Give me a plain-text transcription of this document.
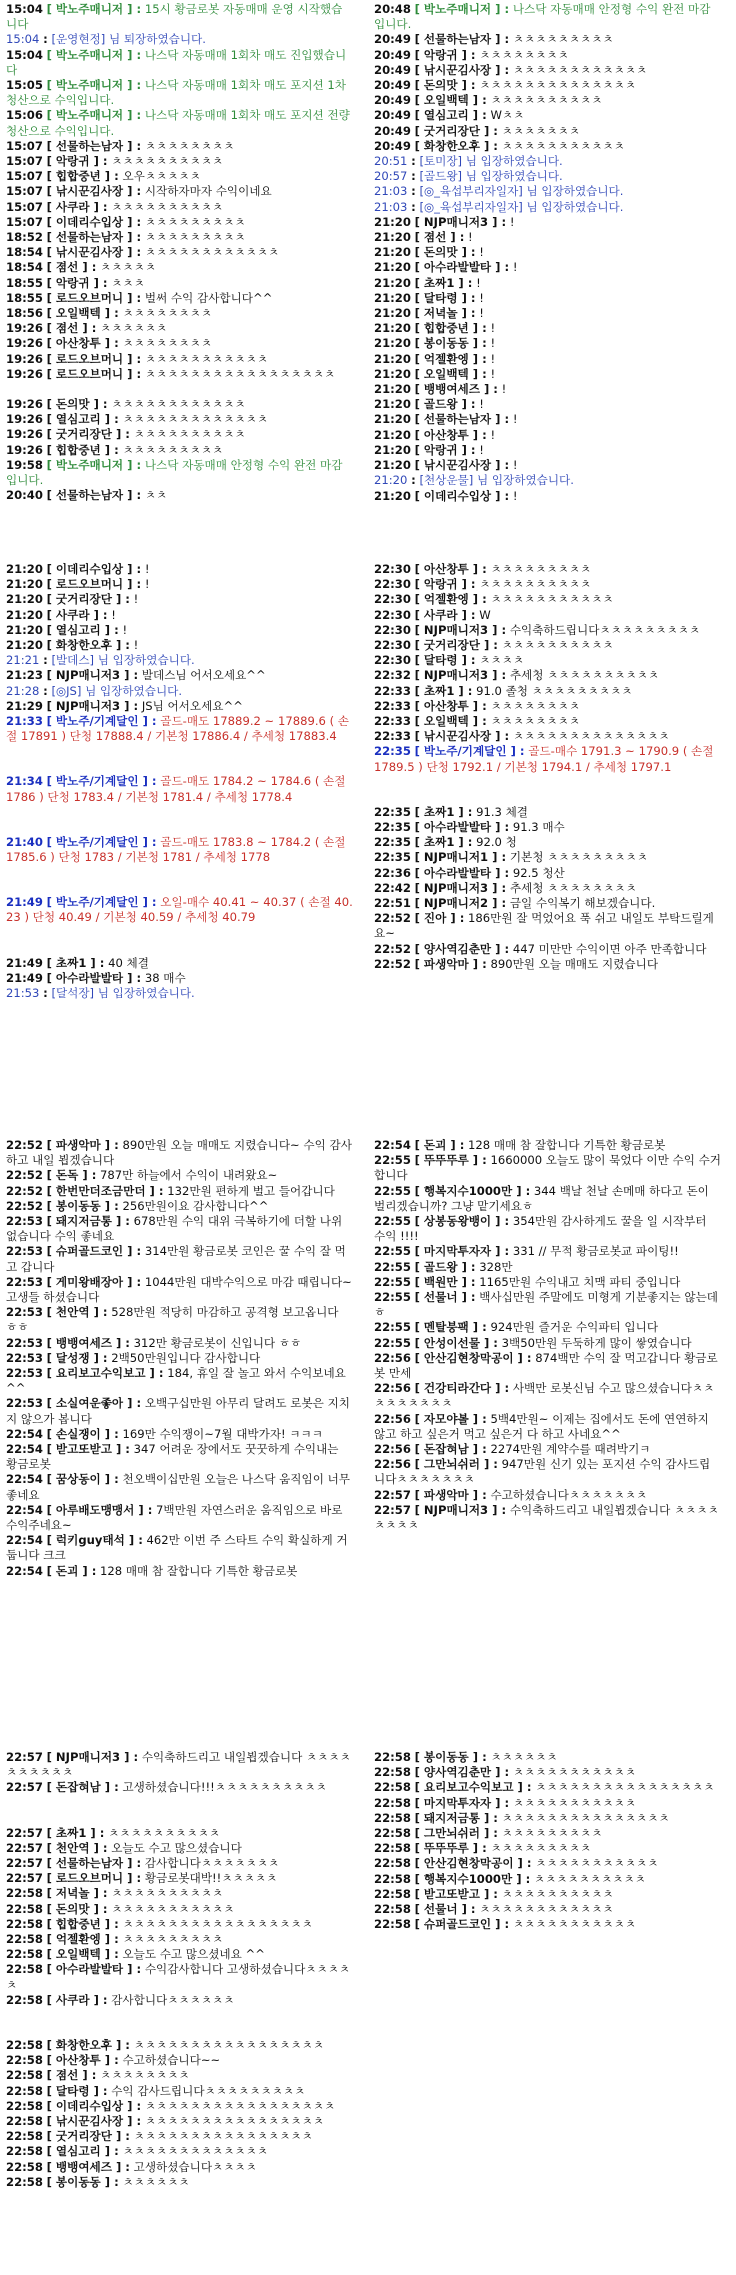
15:04 [ 박노주매니저 ] : 15시 황금로봇 자동매매 운영 시작했습니다
15:04 : [운영현정] 님 퇴장하였습니다.
15:04 [ 박노주매니저 ] : 나스닥 자동매매 1회차 매도 진입했습니다
15:05 [ 박노주매니저 ] : 나스닥 자동매매 1회차 매도 포지션 1차 청산으로 수익입니다.
15:06 [ 박노주매니저 ] : 나스닥 자동매매 1회차 매도 포지션 전량청산으로 수익입니다.
15:07 [ 선물하는남자 ] : ㅊㅊㅊㅊㅊㅊㅊㅊ
15:07 [ 악랑귀 ] : ㅊㅊㅊㅊㅊㅊㅊㅊㅊㅊ
15:07 [ 힙합중년 ] : 오우ㅊㅊㅊㅊㅊ
15:07 [ 낚시꾼김사장 ] : 시작하자마자 수익이네요
15:07 [ 사쿠라 ] : ㅊㅊㅊㅊㅊㅊㅊㅊㅊㅊ
15:07 [ 이데리수입상 ] : ㅊㅊㅊㅊㅊㅊㅊㅊㅊ
18:52 [ 선물하는남자 ] : ㅊㅊㅊㅊㅊㅊㅊㅊㅊ
18:54 [ 낚시꾼김사장 ] : ㅊㅊㅊㅊㅊㅊㅊㅊㅊㅊㅊㅊ
18:54 [ 졈선 ] : ㅊㅊㅊㅊㅊ
18:55 [ 악랑귀 ] : ㅊㅊㅊ
18:55 [ 로드오브머니 ] : 벌써 수익 감사합니다^^
18:56 [ 오일백텍 ] : ㅊㅊㅊㅊㅊㅊㅊㅊ
19:26 [ 졈선 ] : ㅊㅊㅊㅊㅊㅊ
19:26 [ 아산창투 ] : ㅊㅊㅊㅊㅊㅊㅊㅊ
19:26 [ 로드오브머니 ] : ㅊㅊㅊㅊㅊㅊㅊㅊㅊㅊㅊ
19:26 [ 로드오브머니 ] : ㅊㅊㅊㅊㅊㅊㅊㅊㅊㅊㅊㅊㅊㅊㅊㅊㅊ
19:26 [ 돈의맛 ] : ㅊㅊㅊㅊㅊㅊㅊㅊㅊㅊㅊㅊ
19:26 [ 열심고리 ] : ㅊㅊㅊㅊㅊㅊㅊㅊㅊㅊㅊㅊㅊ
19:26 [ 굿거리장단 ] : ㅊㅊㅊㅊㅊㅊㅊㅊㅊㅊ
19:26 [ 힙합중년 ] : ㅊㅊㅊㅊㅊㅊㅊㅊㅊ
19:58 [ 박노주매니저 ] : 나스닥 자동매매 안정형 수익 완전 마감입니다.
20:40 [ 선물하는남자 ] : ㅊㅊ
20:48 [ 박노주매니저 ] : 나스닥 자동매매 안정형 수익 완전 마감입니다.
20:49 [ 선물하는남자 ] : ㅊㅊㅊㅊㅊㅊㅊㅊㅊ
20:49 [ 악랑귀 ] : ㅊㅊㅊㅊㅊㅊㅊㅊ
20:49 [ 낚시꾼김사장 ] : ㅊㅊㅊㅊㅊㅊㅊㅊㅊㅊㅊㅊ
20:49 [ 돈의맛 ] : ㅊㅊㅊㅊㅊㅊㅊㅊㅊㅊㅊㅊㅊㅊ
20:49 [ 오일백텍 ] : ㅊㅊㅊㅊㅊㅊㅊㅊㅊㅊ
20:49 [ 열심고리 ] : Wㅊㅊ
20:49 [ 굿거리장단 ] : ㅊㅊㅊㅊㅊㅊㅊ
20:49 [ 화창한오후 ] : ㅊㅊㅊㅊㅊㅊㅊㅊㅊㅊㅊ
20:51 : [토미장] 님 입장하였습니다.
20:57 : [골드왕] 님 입장하였습니다.
21:03 : [◎_육섭부리자일자] 님 입장하였습니다.
21:03 : [◎_육섭부리자일자] 님 입장하였습니다.
21:20 [ NJP매니저3 ] : !
21:20 [ 졈선 ] : !
21:20 [ 돈의맛 ] : !
21:20 [ 아수라발발타 ] : !
21:20 [ 초짜1 ] : !
21:20 [ 달타령 ] : !
21:20 [ 저녁놀 ] : !
21:20 [ 힙합중년 ] : !
21:20 [ 봉이동동 ] : !
21:20 [ 억젤환엥 ] : !
21:20 [ 오일백텍 ] : !
21:20 [ 뱅뱅여세즈 ] : !
21:20 [ 골드왕 ] : !
21:20 [ 선물하는남자 ] : !
21:20 [ 아산창투 ] : !
21:20 [ 악랑귀 ] : !
21:20 [ 낚시꾼김사장 ] : !
21:20 : [천상운물] 님 입장하였습니다.
21:20 [ 이데리수입상 ] : !
21:20 [ 이데리수입상 ] : !
21:20 [ 로드오브머니 ] : !
21:20 [ 굿거리장단 ] : !
21:20 [ 사쿠라 ] : !
21:20 [ 열심고리 ] : !
21:20 [ 화창한오후 ] : !
21:21 : [발데스] 님 입장하였습니다.
21:23 [ NJP매니저3 ] : 발데스님 어서오세요^^
21:28 : [◎JS] 님 입장하였습니다.
21:29 [ NJP매니저3 ] : JS님 어서오세요^^
21:33 [ 박노주/기계달인 ] : 골드-매도 17889.2 ~ 17889.6 ( 손절 17891 ) 단청 17888.4 / 기본청 17886.4 / 추세청 17883.4
21:34 [ 박노주/기계달인 ] : 골드-매도 1784.2 ~ 1784.6 ( 손절 1786 ) 단청 1783.4 / 기본청 1781.4 / 추세청 1778.4
21:40 [ 박노주/기계달인 ] : 골드-매도 1783.8 ~ 1784.2 ( 손절 1785.6 ) 단청 1783 / 기본청 1781 / 추세청 1778
21:49 [ 박노주/기계달인 ] : 오일-매수 40.41 ~ 40.37 ( 손절 40.23 ) 단청 40.49 / 기본청 40.59 / 추세청 40.79
21:49 [ 초짜1 ] : 40 체결
21:49 [ 아수라발발타 ] : 38 매수
21:53 : [달석장] 님 입장하였습니다.
22:30 [ 아산창투 ] : ㅊㅊㅊㅊㅊㅊㅊㅊㅊ
22:30 [ 악랑귀 ] : ㅊㅊㅊㅊㅊㅊㅊㅊㅊㅊ
22:30 [ 억젤환엥 ] : ㅊㅊㅊㅊㅊㅊㅊㅊㅊㅊㅊ
22:30 [ 사쿠라 ] : W
22:30 [ NJP매니저3 ] : 수익축하드립니다ㅊㅊㅊㅊㅊㅊㅊㅊㅊ
22:30 [ 굿거리장단 ] : ㅊㅊㅊㅊㅊㅊㅊㅊㅊㅊ
22:30 [ 달타령 ] : ㅊㅊㅊㅊ
22:32 [ NJP매니저3 ] : 추세청 ㅊㅊㅊㅊㅊㅊㅊㅊㅊㅊ
22:33 [ 초짜1 ] : 91.0 졸청 ㅊㅊㅊㅊㅊㅊㅊㅊㅊ
22:33 [ 아산창투 ] : ㅊㅊㅊㅊㅊㅊㅊㅊ
22:33 [ 오일백텍 ] : ㅊㅊㅊㅊㅊㅊㅊㅊ
22:33 [ 낚시꾼김사장 ] : ㅊㅊㅊㅊㅊㅊㅊㅊㅊㅊㅊㅊㅊㅊ
22:35 [ 박노주/기계달인 ] : 골드-매수 1791.3 ~ 1790.9 ( 손절 1789.5 ) 단청 1792.1 / 기본청 1794.1 / 추세청 1797.1
22:35 [ 초짜1 ] : 91.3 체결
22:35 [ 아수라발발타 ] : 91.3 매수
22:35 [ 초짜1 ] : 92.0 청
22:35 [ NJP매니저1 ] : 기본청 ㅊㅊㅊㅊㅊㅊㅊㅊㅊ
22:36 [ 아수라발발타 ] : 92.5 청산
22:42 [ NJP매니저3 ] : 추세청 ㅊㅊㅊㅊㅊㅊㅊㅊ
22:51 [ NJP매니저2 ] : 금일 수익복기 해보겠습니다.
22:52 [ 진아 ] : 186만원 잘 먹었어요 푹 쉬고 내일도 부탁드릴게요~
22:52 [ 양사역김춘만 ] : 447 미만만 수익이면 아주 만족합니다
22:52 [ 파생악마 ] : 890만원 오늘 매매도 지렸습니다
22:52 [ 파생악마 ] : 890만원 오늘 매매도 지렸습니다~ 수익 감사하고 내일 뵙겠습니다
22:52 [ 돈독 ] : 787만 하늘에서 수익이 내려왔요~
22:52 [ 한번만더조금만더 ] : 132만원 편하게 벌고 들어갑니다
22:52 [ 봉이동동 ] : 256만원이요 감사합니다^^
22:53 [ 돼지저금통 ] : 678만원 수익 대위 극복하기에 더할 나위 없습니다 수익 좋네요
22:53 [ 슈퍼골드코인 ] : 314만원 황금로봇 코인은 꿀 수익 잘 먹고 갑니다
22:53 [ 게미왕배장아 ] : 1044만원 대박수익으로 마감 때립니다~고생들 하셨습니다
22:53 [ 천안역 ] : 528만원 적당히 마감하고 공격형 보고옵니다 ㅎㅎ
22:53 [ 뱅뱅여세즈 ] : 312만 황금로봇이 신입니다 ㅎㅎ
22:53 [ 달성쟁 ] : 2백50만원입니다 감사합니다
22:53 [ 요리보고수익보고 ] : 184, 휴일 잘 놀고 와서 수익보네요^^
22:53 [ 소실여운좋아 ] : 오백구십만원 아무리 달려도 로봇은 지치지 않으가 봅니다
22:54 [ 손실쟁이 ] : 169만 수익쟁이~7월 대박가자! ㅋㅋㅋ
22:54 [ 받고또받고 ] : 347 어려운 장에서도 꿋꿋하게 수익내는 황금로봇
22:54 [ 꿈상동이 ] : 천오백이십만원 오늘은 나스닥 움직임이 너무 좋네요
22:54 [ 아루배도맹맹서 ] : 7백만원 자연스러운 움직임으로 바로 수익주네요~
22:54 [ 럭키guy태석 ] : 462만 이번 주 스타트 수익 확실하게 거둡니다 크크
22:54 [ 돈괴 ] : 128 매매 참 잘합니다 기특한 황금로봇
22:54 [ 돈괴 ] : 128 매매 참 잘합니다 기특한 황금로봇
22:55 [ 뚜뚜뚜루 ] : 1660000 오늘도 많이 묵었다 이만 수익 수거합니다
22:55 [ 행복지수1000만 ] : 344 백날 천날 손메매 하다고 돈이 벌리겠습니까? 그냥 맡기세요ㅎ
22:55 [ 상봉동왕뱅이 ] : 354만원 감사하게도 꿀을 일 시작부터 수익 !!!!
22:55 [ 마지막투자자 ] : 331 // 무적 황금로봇교 파이팅!!
22:55 [ 골드왕 ] : 328만
22:55 [ 백원만 ] : 1165만원 수익내고 치맥 파티 중입니다
22:55 [ 선물너 ] : 백사십만원 주말에도 미형게 기분좋지는 않는데ㅎ
22:55 [ 멘탈붕팩 ] : 924만원 즐거운 수익파티 입니다
22:55 [ 안성이선물 ] : 3백50만원 두둑하게 많이 쌓였습니다
22:56 [ 안산김현창막공이 ] : 874백만 수익 잘 먹고갑니다 황금로봇 만세
22:56 [ 건강티라간다 ] : 사백만 로봇신님 수고 많으셨습니다ㅊㅊㅊㅊㅊㅊㅊㅊㅊ
22:56 [ 자모야볼 ] : 5백4만원~ 이제는 집에서도 돈에 연연하지 않고 하고 싶은거 먹고 싶은거 다 하고 사네요^^
22:56 [ 돈잡혀남 ] : 2274만원 계약수를 때려박기ㅋ
22:56 [ 그만뇌쉬러 ] : 947만원 신기 있는 포지션 수익 감사드립니다ㅊㅊㅊㅊㅊㅊㅊ
22:57 [ 파생악마 ] : 수고하셨습니다ㅊㅊㅊㅊㅊㅊㅊ
22:57 [ NJP매니저3 ] : 수익축하드리고 내일뵙겠습니다 ㅊㅊㅊㅊㅊㅊㅊㅊ
22:57 [ NJP매니저3 ] : 수익축하드리고 내일뵙겠습니다 ㅊㅊㅊㅊㅊㅊㅊㅊㅊㅊ
22:57 [ 돈잡혀남 ] : 고생하셨습니다!!!ㅊㅊㅊㅊㅊㅊㅊㅊㅊㅊ
22:57 [ 초짜1 ] : ㅊㅊㅊㅊㅊㅊㅊㅊㅊㅊ
22:57 [ 천안역 ] : 오늘도 수고 많으셨습니다
22:57 [ 선물하는남자 ] : 감사합니다ㅊㅊㅊㅊㅊㅊㅊ
22:57 [ 로드오브머니 ] : 황금로봇대박!!ㅊㅊㅊㅊㅊ
22:58 [ 저녁놀 ] : ㅊㅊㅊㅊㅊㅊㅊㅊㅊㅊ
22:58 [ 돈의맛 ] : ㅊㅊㅊㅊㅊㅊㅊㅊㅊㅊㅊ
22:58 [ 힙합중년 ] : ㅊㅊㅊㅊㅊㅊㅊㅊㅊㅊㅊㅊㅊㅊㅊㅊㅊ
22:58 [ 억젤환엥 ] : ㅊㅊㅊㅊㅊㅊㅊㅊㅊ
22:58 [ 오일백텍 ] : 오늘도 수고 많으셨네요 ^^
22:58 [ 아수라발발타 ] : 수익감사합니다 고생하셨습니다ㅊㅊㅊㅊㅊ
22:58 [ 사쿠라 ] : 감사합니다ㅊㅊㅊㅊㅊㅊ
22:58 [ 화창한오후 ] : ㅊㅊㅊㅊㅊㅊㅊㅊㅊㅊㅊㅊㅊㅊㅊㅊㅊ
22:58 [ 아산창투 ] : 수고하셨습니다~~
22:58 [ 졈선 ] : ㅊㅊㅊㅊㅊㅊㅊㅊ
22:58 [ 달타령 ] : 수익 감사드립니다ㅊㅊㅊㅊㅊㅊㅊㅊㅊ
22:58 [ 이데리수입상 ] : ㅊㅊㅊㅊㅊㅊㅊㅊㅊㅊㅊㅊㅊㅊㅊㅊㅊ
22:58 [ 낚시꾼김사장 ] : ㅊㅊㅊㅊㅊㅊㅊㅊㅊㅊㅊㅊㅊㅊㅊㅊ
22:58 [ 굿거리장단 ] : ㅊㅊㅊㅊㅊㅊㅊㅊㅊㅊㅊㅊㅊㅊㅊㅊ
22:58 [ 열심고리 ] : ㅊㅊㅊㅊㅊㅊㅊㅊㅊㅊㅊㅊㅊ
22:58 [ 뱅뱅여세즈 ] : 고생하셨습니다ㅊㅊㅊㅊ
22:58 [ 봉이동동 ] : ㅊㅊㅊㅊㅊㅊ
22:58 [ 봉이동동 ] : ㅊㅊㅊㅊㅊㅊ
22:58 [ 양사역김춘만 ] : ㅊㅊㅊㅊㅊㅊㅊㅊㅊㅊㅊ
22:58 [ 요리보고수익보고 ] : ㅊㅊㅊㅊㅊㅊㅊㅊㅊㅊㅊㅊㅊㅊㅊㅊ
22:58 [ 마지막투자자 ] : ㅊㅊㅊㅊㅊㅊㅊㅊㅊㅊㅊ
22:58 [ 돼지저금통 ] : ㅊㅊㅊㅊㅊㅊㅊㅊㅊㅊㅊㅊㅊㅊㅊ
22:58 [ 그만뇌쉬러 ] : ㅊㅊㅊㅊㅊㅊㅊㅊㅊ
22:58 [ 뚜뚜뚜루 ] : ㅊㅊㅊㅊㅊㅊㅊㅊㅊ
22:58 [ 안산김현창막공이 ] : ㅊㅊㅊㅊㅊㅊㅊㅊㅊㅊㅊ
22:58 [ 행복지수1000만 ] : ㅊㅊㅊㅊㅊㅊㅊㅊㅊㅊ
22:58 [ 받고또받고 ] : ㅊㅊㅊㅊㅊㅊㅊㅊㅊㅊ
22:58 [ 선물너 ] : ㅊㅊㅊㅊㅊㅊㅊㅊㅊㅊㅊㅊ
22:58 [ 슈퍼골드코인 ] : ㅊㅊㅊㅊㅊㅊㅊㅊㅊㅊㅊ
